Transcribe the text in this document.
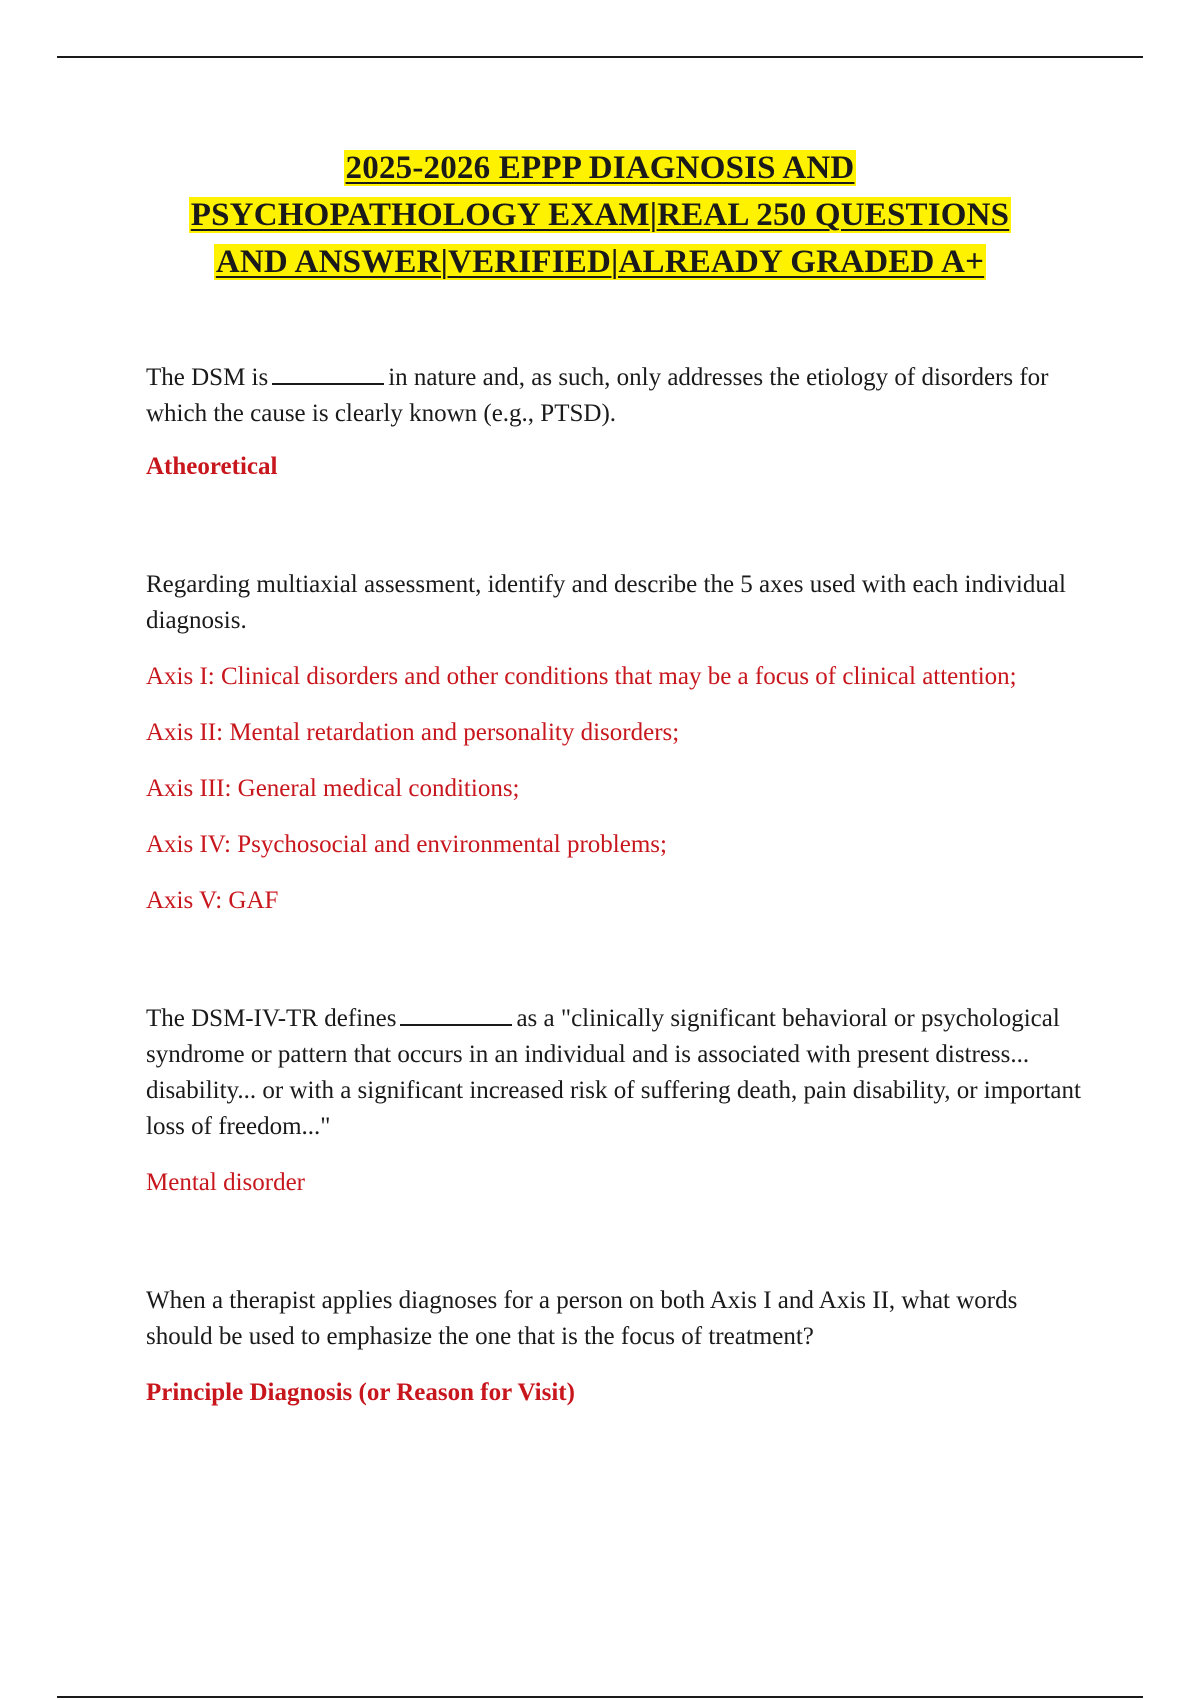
2025-2026 EPPP DIAGNOSIS AND
PSYCHOPATHOLOGY EXAM|REAL 250 QUESTIONS
AND ANSWER|VERIFIED|ALREADY GRADED A+

The DSM is	in nature and, as such, only addresses the etiology of disorders for which the cause is clearly known (e.g., PTSD).

Atheoretical

Regarding multiaxial assessment, identify and describe the 5 axes used with each individual diagnosis.

Axis I: Clinical disorders and other conditions that may be a focus of clinical attention;

Axis II: Mental retardation and personality disorders;

Axis III: General medical conditions;

Axis IV: Psychosocial and environmental problems;

Axis V: GAF

The DSM-IV-TR defines	as a "clinically significant behavioral or psychological syndrome or pattern that occurs in an individual and is associated with present distress... disability... or with a significant increased risk of suffering death, pain disability, or important loss of freedom..."

Mental disorder

When a therapist applies diagnoses for a person on both Axis I and Axis II, what words should be used to emphasize the one that is the focus of treatment?

Principle Diagnosis (or Reason for Visit)
